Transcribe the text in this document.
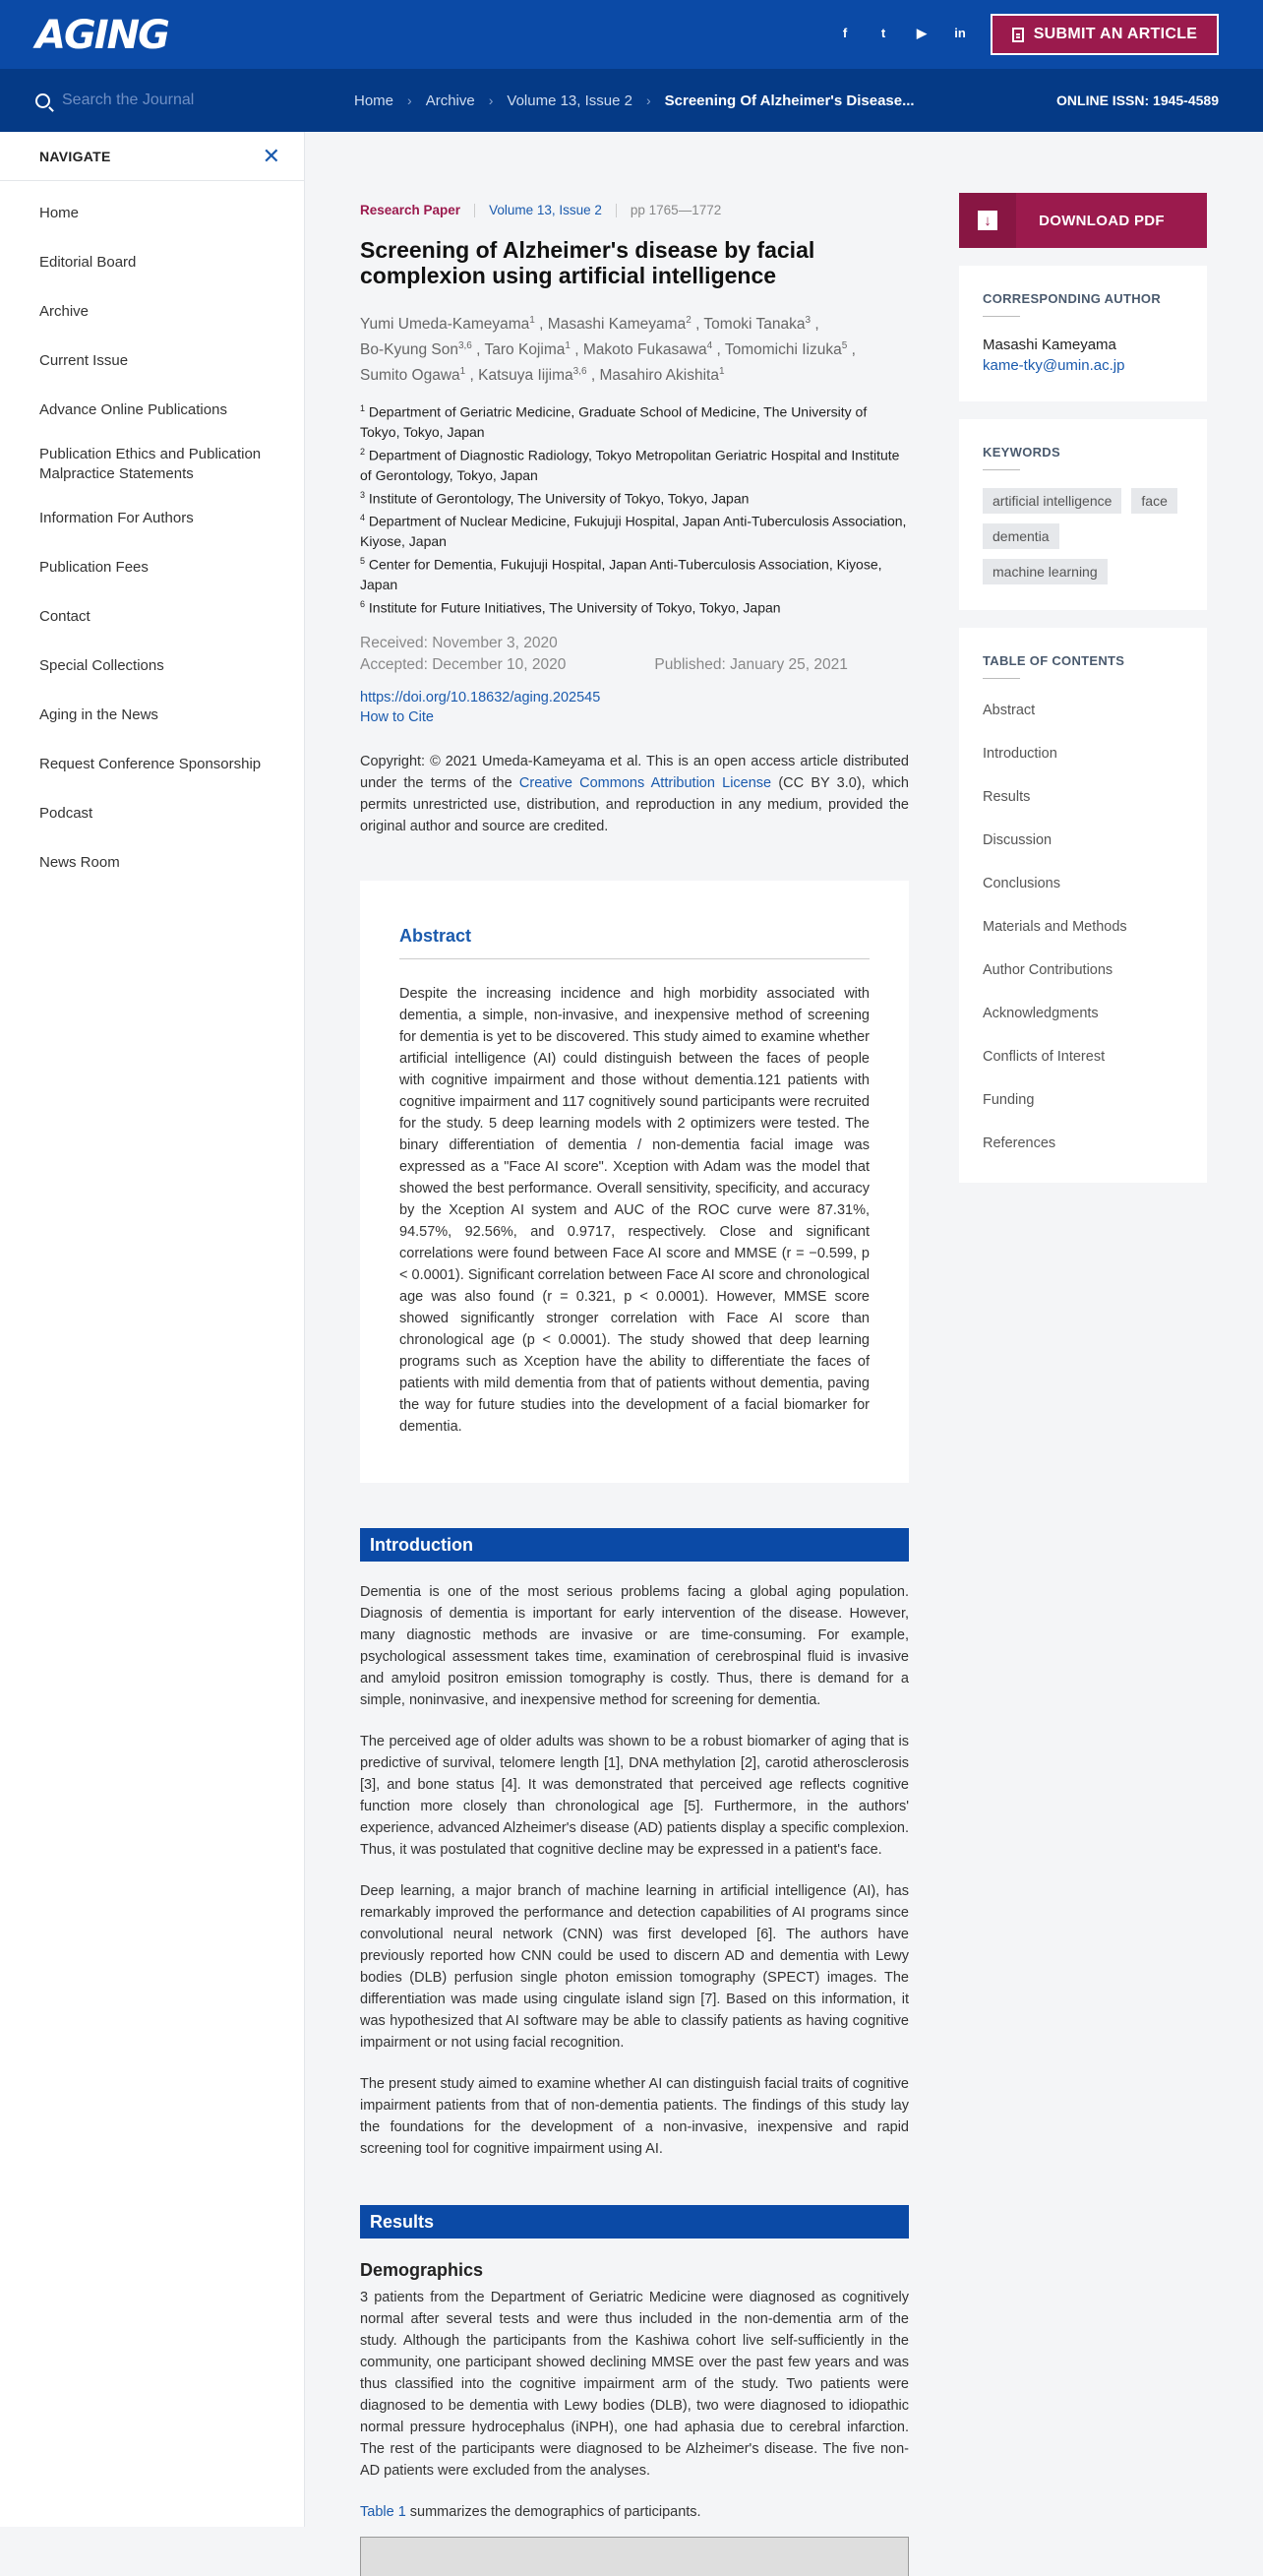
AGING	f	t	▶	in	SUBMIT AN ARTICLE
Search the Journal
Home › Archive › Volume 13, Issue 2 › Screening Of Alzheimer's Disease...	ONLINE ISSN: 1945-4589
NAVIGATE	✕
Home
Editorial Board
Archive
Current Issue
Advance Online Publications
Publication Ethics and Publication Malpractice Statements
Information For Authors
Publication Fees
Contact
Special Collections
Aging in the News
Request Conference Sponsorship
Podcast
News Room
Research Paper Volume 13, Issue 2 pp 1765—1772
Screening of Alzheimer's disease by facial complexion using artificial intelligence
Yumi Umeda-Kameyama$^1$ , Masashi Kameyama$^2$ , Tomoki Tanaka$^3$ ,
Bo-Kyung Son$^{3,6}$ , Taro Kojima$^1$ , Makoto Fukasawa$^4$ , Tomomichi Iizuka$^5$ ,
Sumito Ogawa$^1$ , Katsuya Iijima$^{3,6}$ , Masahiro Akishita$^1$
$^1$ Department of Geriatric Medicine, Graduate School of Medicine, The University of Tokyo, Tokyo, Japan
$^2$ Department of Diagnostic Radiology, Tokyo Metropolitan Geriatric Hospital and Institute of Gerontology, Tokyo, Japan
$^3$ Institute of Gerontology, The University of Tokyo, Tokyo, Japan
$^4$ Department of Nuclear Medicine, Fukujuji Hospital, Japan Anti-Tuberculosis Association, Kiyose, Japan
$^5$ Center for Dementia, Fukujuji Hospital, Japan Anti-Tuberculosis Association, Kiyose, Japan
$^6$ Institute for Future Initiatives, The University of Tokyo, Tokyo, Japan
Received: November 3, 2020
Accepted: December 10, 2020	Published: January 25, 2021
https://doi.org/10.18632/aging.202545
How to Cite

Copyright: © 2021 Umeda-Kameyama et al. This is an open access article distributed under the terms of the Creative Commons Attribution License (CC BY 3.0), which permits unrestricted use, distribution, and reproduction in any medium, provided the original author and source are credited.

Abstract

Despite the increasing incidence and high morbidity associated with dementia, a simple, non-invasive, and inexpensive method of screening for dementia is yet to be discovered. This study aimed to examine whether artificial intelligence (AI) could distinguish between the faces of people with cognitive impairment and those without dementia.121 patients with cognitive impairment and 117 cognitively sound participants were recruited for the study. 5 deep learning models with 2 optimizers were tested. The binary differentiation of dementia / non-dementia facial image was expressed as a "Face AI score". Xception with Adam was the model that showed the best performance. Overall sensitivity, specificity, and accuracy by the Xception AI system and AUC of the ROC curve were 87.31%, 94.57%, 92.56%, and 0.9717, respectively. Close and significant correlations were found between Face AI score and MMSE (r = −0.599, p < 0.0001). Significant correlation between Face AI score and chronological age was also found (r = 0.321, p < 0.0001). However, MMSE score showed significantly stronger correlation with Face AI score than chronological age (p < 0.0001). The study showed that deep learning programs such as Xception have the ability to differentiate the faces of patients with mild dementia from that of patients without dementia, paving the way for future studies into the development of a facial biomarker for dementia.

Introduction

Dementia is one of the most serious problems facing a global aging population. Diagnosis of dementia is important for early intervention of the disease. However, many diagnostic methods are invasive or are time-consuming. For example, psychological assessment takes time, examination of cerebrospinal fluid is invasive and amyloid positron emission tomography is costly. Thus, there is demand for a simple, noninvasive, and inexpensive method for screening for dementia.

The perceived age of older adults was shown to be a robust biomarker of aging that is predictive of survival, telomere length [1], DNA methylation [2], carotid atherosclerosis [3], and bone status [4]. It was demonstrated that perceived age reflects cognitive function more closely than chronological age [5]. Furthermore, in the authors' experience, advanced Alzheimer's disease (AD) patients display a specific complexion. Thus, it was postulated that cognitive decline may be expressed in a patient's face.

Deep learning, a major branch of machine learning in artificial intelligence (AI), has remarkably improved the performance and detection capabilities of AI programs since convolutional neural network (CNN) was first developed [6]. The authors have previously reported how CNN could be used to discern AD and dementia with Lewy bodies (DLB) perfusion single photon emission tomography (SPECT) images. The differentiation was made using cingulate island sign [7]. Based on this information, it was hypothesized that AI software may be able to classify patients as having cognitive impairment or not using facial recognition.

The present study aimed to examine whether AI can distinguish facial traits of cognitive impairment patients from that of non-dementia patients. The findings of this study lay the foundations for the development of a non-invasive, inexpensive and rapid screening tool for cognitive impairment using AI.

Results
Demographics

3 patients from the Department of Geriatric Medicine were diagnosed as cognitively normal after several tests and were thus included in the non-dementia arm of the study. Although the participants from the Kashiwa cohort live self-sufficiently in the community, one participant showed declining MMSE over the past few years and was thus classified into the cognitive impairment arm of the study. Two patients were diagnosed to be dementia with Lewy bodies (DLB), two were diagnosed to idiopathic normal pressure hydrocephalus (iNPH), one had aphasia due to cerebral infarction. The rest of the participants were diagnosed to be Alzheimer's disease. The five non-AD patients were excluded from the analyses.

Table 1 summarizes the demographics of participants.

↓	DOWNLOAD PDF
CORRESPONDING AUTHOR
Masashi Kameyama
kame-tky@umin.ac.jp
KEYWORDS
artificial intelligence	face
dementia
machine learning
TABLE OF CONTENTS
Abstract
Introduction
Results
Discussion
Conclusions
Materials and Methods
Author Contributions
Acknowledgments
Conflicts of Interest
Funding
References
